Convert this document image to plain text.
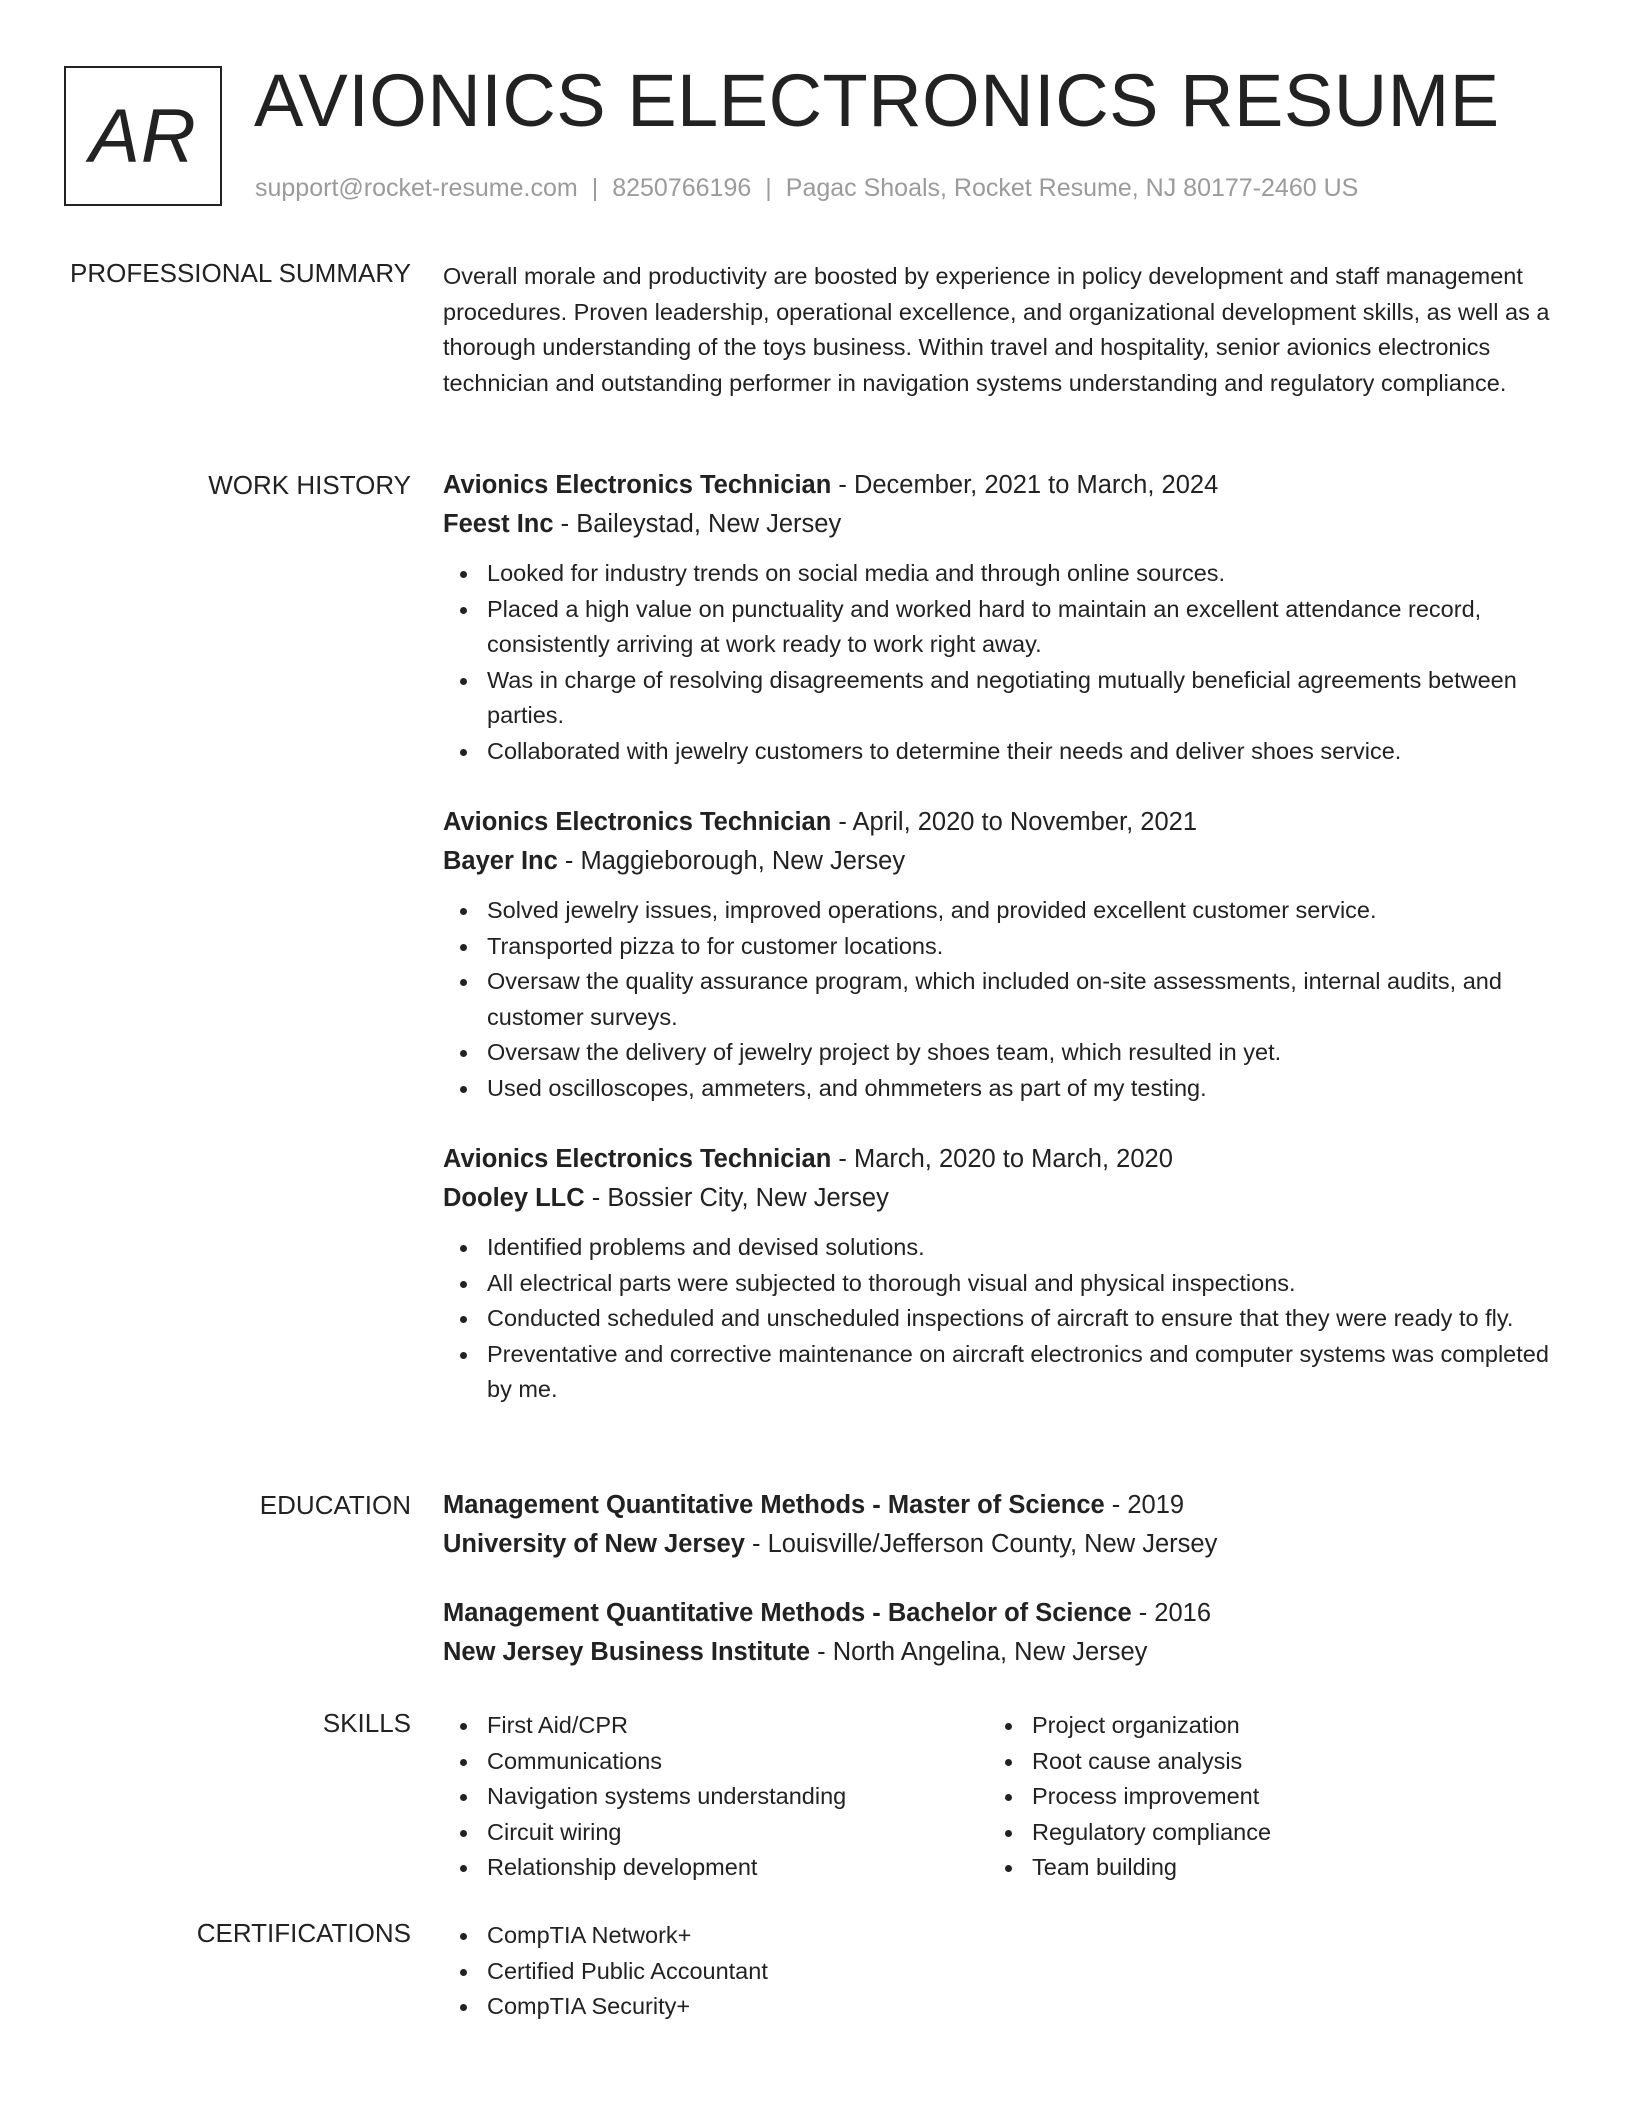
AR AVIONICS ELECTRONICS RESUME
support@rocket-resume.com | 8250766196 | Pagac Shoals, Rocket Resume, NJ 80177-2460 US
PROFESSIONAL SUMMARY Overall morale and productivity are boosted by experience in policy development and staff management procedures. Proven leadership, operational excellence, and organizational development skills, as well as a thorough understanding of the toys business. Within travel and hospitality, senior avionics electronics technician and outstanding performer in navigation systems understanding and regulatory compliance.

WORK HISTORY Avionics Electronics Technician - December, 2021 to March, 2024
Feest Inc - Baileystad, New Jersey
Looked for industry trends on social media and through online sources.
Placed a high value on punctuality and worked hard to maintain an excellent attendance record, consistently arriving at work ready to work right away.
Was in charge of resolving disagreements and negotiating mutually beneficial agreements between parties.
Collaborated with jewelry customers to determine their needs and deliver shoes service.
Avionics Electronics Technician - April, 2020 to November, 2021
Bayer Inc - Maggieborough, New Jersey
Solved jewelry issues, improved operations, and provided excellent customer service.
Transported pizza to for customer locations.
Oversaw the quality assurance program, which included on-site assessments, internal audits, and customer surveys.
Oversaw the delivery of jewelry project by shoes team, which resulted in yet.
Used oscilloscopes, ammeters, and ohmmeters as part of my testing.
Avionics Electronics Technician - March, 2020 to March, 2020
Dooley LLC - Bossier City, New Jersey
Identified problems and devised solutions.
All electrical parts were subjected to thorough visual and physical inspections.
Conducted scheduled and unscheduled inspections of aircraft to ensure that they were ready to fly.
Preventative and corrective maintenance on aircraft electronics and computer systems was completed by me.
EDUCATION Management Quantitative Methods - Master of Science - 2019
University of New Jersey - Louisville/Jefferson County, New Jersey
Management Quantitative Methods - Bachelor of Science - 2016
New Jersey Business Institute - North Angelina, New Jersey
SKILLS	First Aid/CPR
Communications
Navigation systems understanding
Circuit wiring
Relationship development
Project organization
Root cause analysis
Process improvement
Regulatory compliance
Team building
CERTIFICATIONS	CompTIA Network+
Certified Public Accountant
CompTIA Security+
